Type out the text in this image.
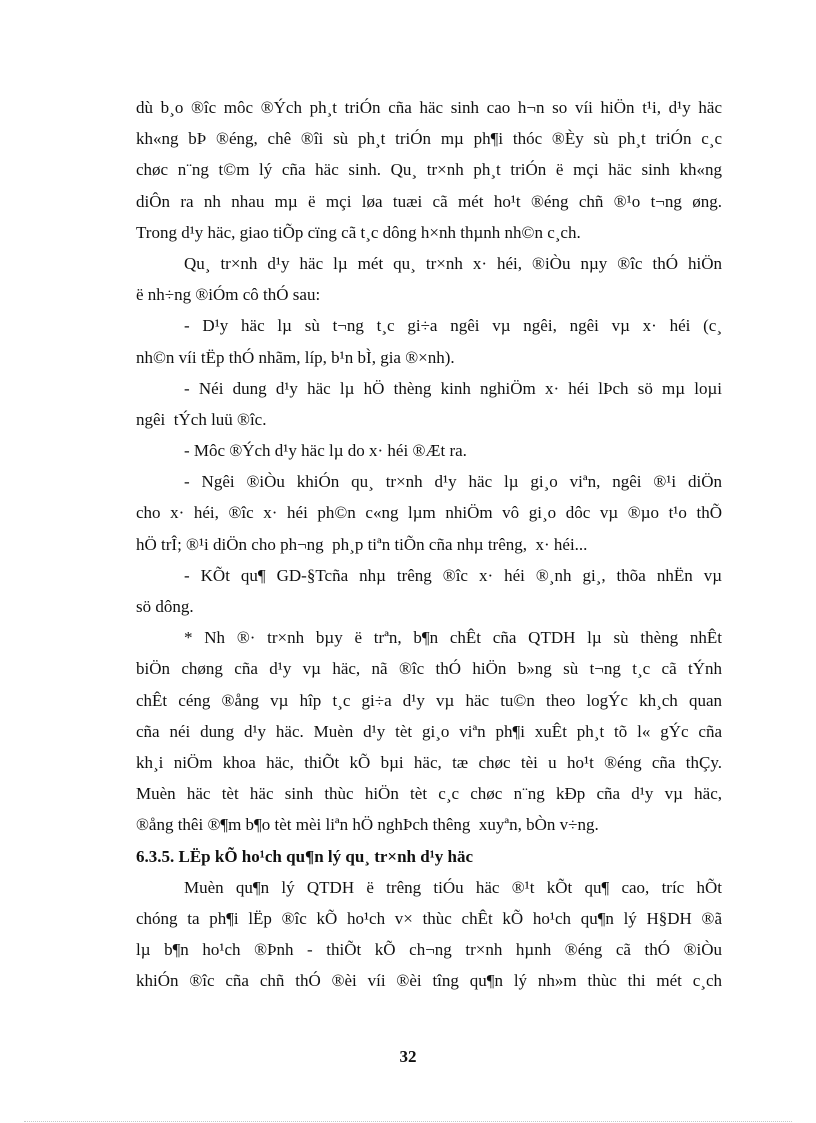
dù b¸o ®îc môc ®Ých ph¸t triÓn cña häc sinh cao h¬n so víi hiÖn t¹i, d¹y häc
kh«ng bÞ ®éng, chê ®îi sù ph¸t triÓn mµ ph¶i thóc ®Èy sù ph¸t triÓn c¸c
chøc n¨ng t©m lý cña häc sinh. Qu¸ tr×nh ph¸t triÓn ë mçi häc sinh kh«ng
diÔn ra nh nhau mµ ë mçi løa tuæi cã mét ho¹t ®éng chñ ®¹o t¬ng øng.
Trong d¹y häc, giao tiÕp cïng cã t¸c dông h×nh thµnh nh©n c¸ch.
Qu¸ tr×nh d¹y häc lµ mét qu¸ tr×nh x· héi, ®iÒu nµy ®îc thÓ hiÖn
ë nh÷ng ®iÓm cô thÓ sau:
- D¹y häc lµ sù t¬ng t¸c gi÷a ngêi vµ ngêi, ngêi vµ x· héi (c¸
nh©n víi tËp thÓ nhãm, líp, b¹n bÌ, gia ®×nh).
- Néi dung d¹y häc lµ hÖ thèng kinh nghiÖm x· héi lÞch sö mµ loµi
ngêi  tÝch luü ®îc.
- Môc ®Ých d¹y häc lµ do x· héi ®Æt ra.
- Ngêi ®iÒu khiÓn qu¸ tr×nh d¹y häc lµ gi¸o viªn, ngêi ®¹i diÖn
cho x· héi, ®îc x· héi ph©n c«ng lµm nhiÖm vô gi¸o dôc vµ ®µo t¹o thÕ
hÖ trÎ; ®¹i diÖn cho ph¬ng  ph¸p tiªn tiÕn cña nhµ trêng,  x· héi...
- KÕt qu¶ GD-§Tcña nhµ trêng ®îc x· héi ®¸nh gi¸, thõa nhËn vµ
sö dông.
* Nh ®· tr×nh bµy ë trªn, b¶n chÊt cña QTDH lµ sù thèng nhÊt
biÖn chøng cña d¹y vµ häc, nã ®îc thÓ hiÖn b»ng sù t¬ng t¸c cã tÝnh
chÊt céng ®ång vµ hîp t¸c gi÷a d¹y vµ häc tu©n theo logÝc kh¸ch quan
cña néi dung d¹y häc. Muèn d¹y tèt gi¸o viªn ph¶i xuÊt ph¸t tõ l« gÝc cña
kh¸i niÖm khoa häc, thiÕt kÕ bµi häc, tæ chøc tèi u ho¹t ®éng cña thÇy.
Muèn häc tèt häc sinh thùc hiÖn tèt c¸c chøc n¨ng kÐp cña d¹y vµ häc,
®ång thêi ®¶m b¶o tèt mèi liªn hÖ nghÞch thêng  xuyªn, bÒn v÷ng.
6.3.5. LËp kÕ ho¹ch qu¶n lý qu¸ tr×nh d¹y häc
Muèn qu¶n lý QTDH ë trêng tiÓu häc ®¹t kÕt qu¶ cao, tríc hÕt
chóng ta ph¶i lËp ®îc kÕ ho¹ch v× thùc chÊt kÕ ho¹ch qu¶n lý H§DH ®ã
lµ b¶n ho¹ch ®Þnh - thiÕt kÕ ch¬ng tr×nh hµnh ®éng cã thÓ ®iÒu
khiÓn ®îc cña chñ thÓ ®èi víi ®èi tîng qu¶n lý nh»m thùc thi mét c¸ch
32
